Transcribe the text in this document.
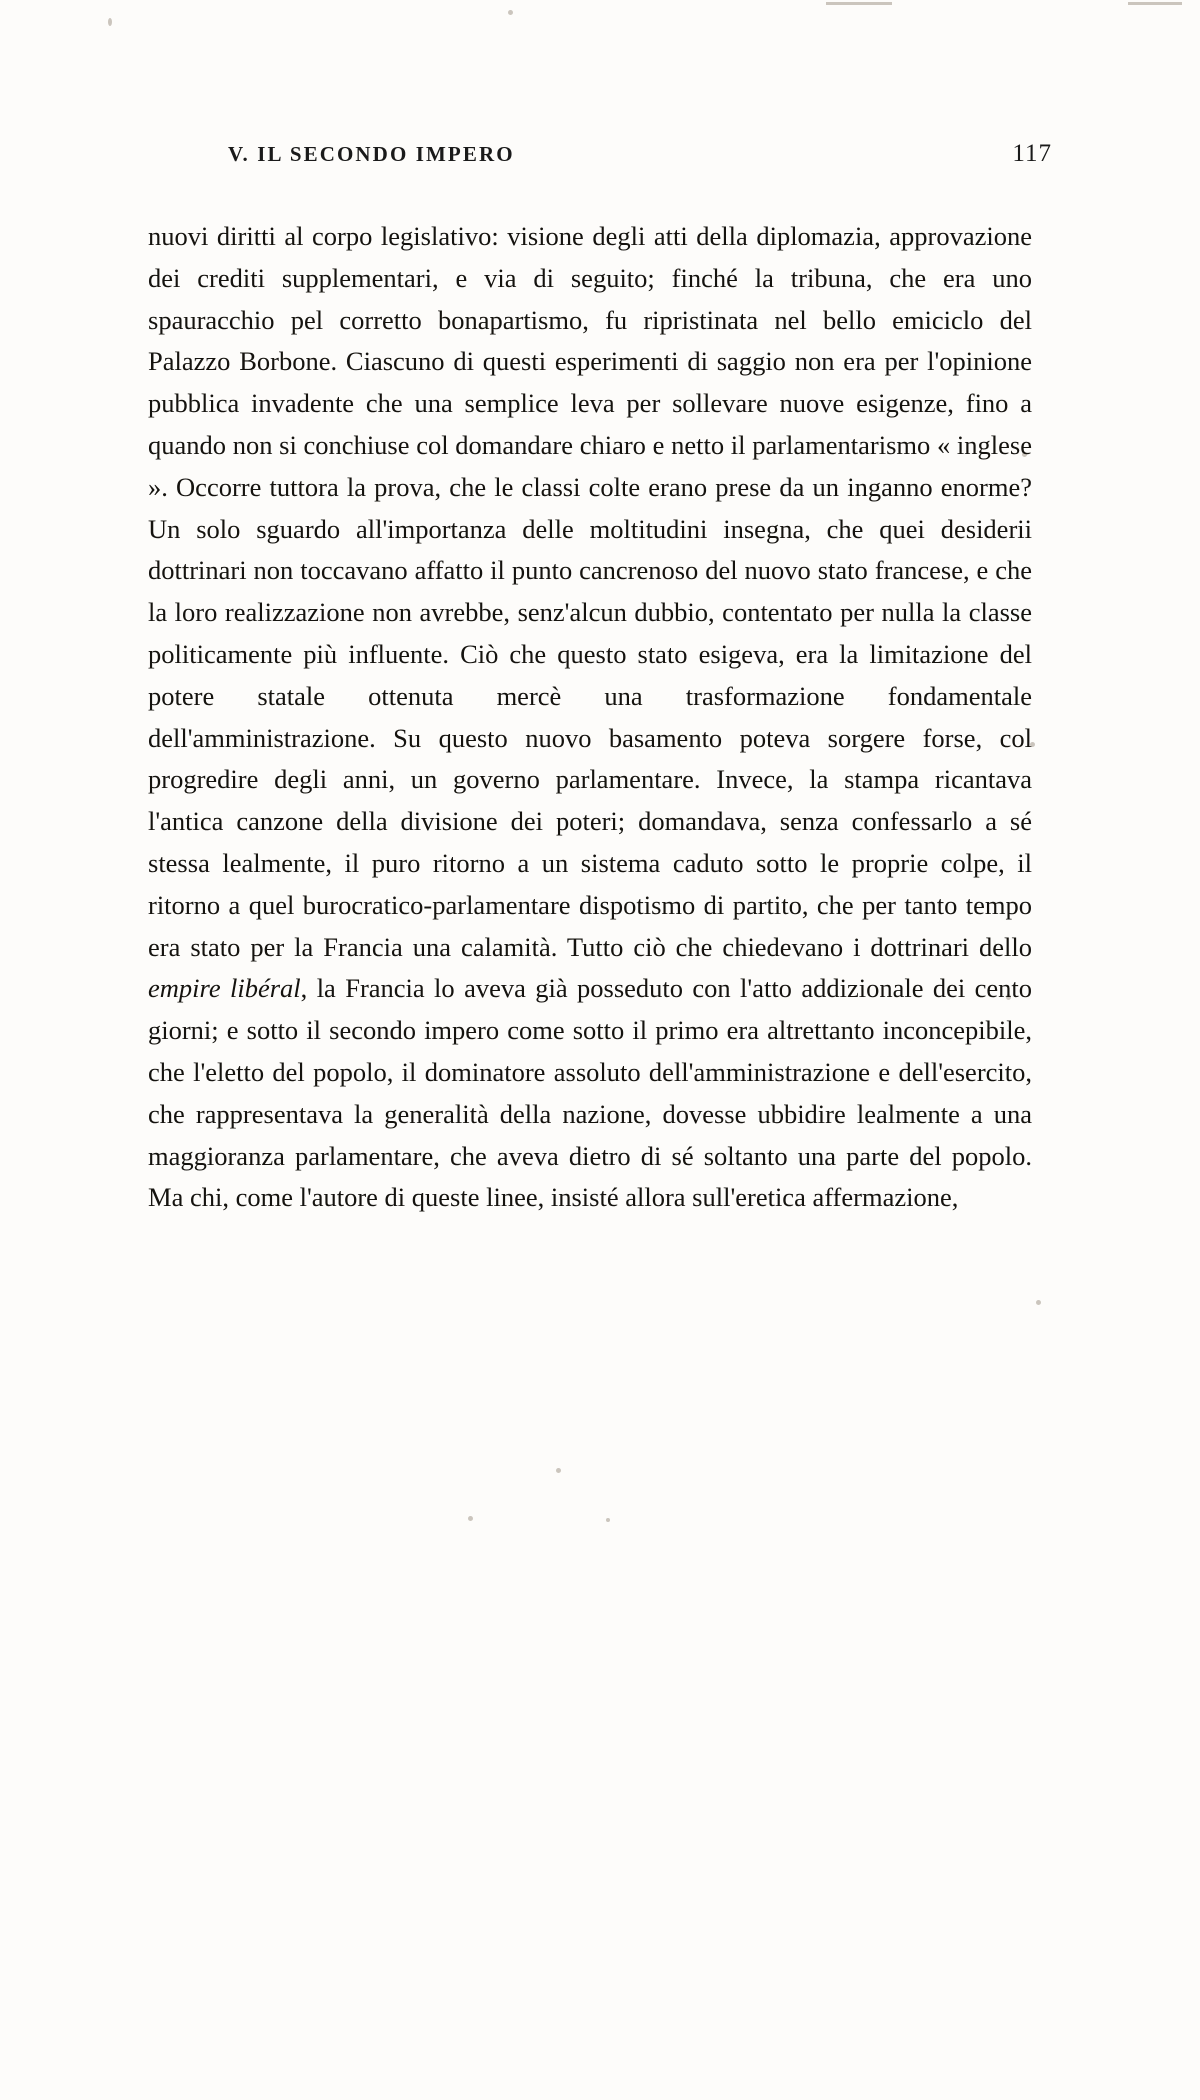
V. IL SECONDO IMPERO	117

nuovi diritti al corpo legislativo: visione degli atti della diplomazia, approvazione dei crediti supplementari, e via di seguito; finché la tribuna, che era uno spauracchio pel corretto bonapartismo, fu ripristinata nel bello emiciclo del Palazzo Borbone. Ciascuno di questi esperimenti di saggio non era per l'opinione pubblica invadente che una semplice leva per sollevare nuove esigenze, fino a quando non si conchiuse col domandare chiaro e netto il parlamentarismo « inglese ». Occorre tuttora la prova, che le classi colte erano prese da un inganno enorme? Un solo sguardo all'importanza delle moltitudini insegna, che quei desiderii dottrinari non toccavano affatto il punto cancrenoso del nuovo stato francese, e che la loro realizzazione non avrebbe, senz'alcun dubbio, contentato per nulla la classe politicamente più influente. Ciò che questo stato esigeva, era la limitazione del potere statale ottenuta mercè una trasformazione fondamentale dell'amministrazione. Su questo nuovo basamento poteva sorgere forse, col progredire degli anni, un governo parlamentare. Invece, la stampa ricantava l'antica canzone della divisione dei poteri; domandava, senza confessarlo a sé stessa lealmente, il puro ritorno a un sistema caduto sotto le proprie colpe, il ritorno a quel burocratico-parlamentare dispotismo di partito, che per tanto tempo era stato per la Francia una calamità. Tutto ciò che chiedevano i dottrinari dello empire libéral, la Francia lo aveva già posseduto con l'atto addizionale dei cento giorni; e sotto il secondo impero come sotto il primo era altrettanto inconcepibile, che l'eletto del popolo, il dominatore assoluto dell'amministrazione e dell'esercito, che rappresentava la generalità della nazione, dovesse ubbidire lealmente a una maggioranza parlamentare, che aveva dietro di sé soltanto una parte del popolo. Ma chi, come l'autore di queste linee, insisté allora sull'eretica affermazione,
